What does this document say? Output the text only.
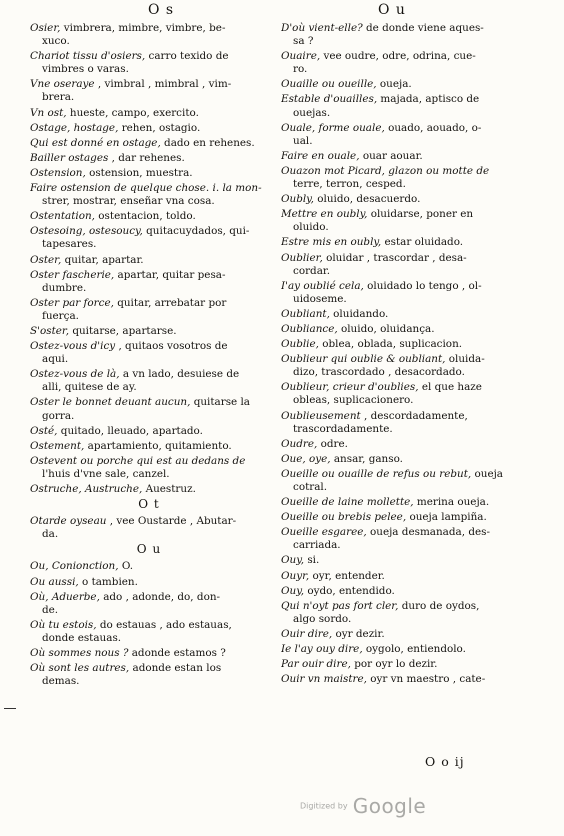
O s	O u
Osier, vimbrera, mimbre, vimbre, be-
xuco.
Chariot tissu d'osiers, carro texido de
vimbres o varas.
Vne oseraye , vimbral , mimbral , vim-
brera.
Vn ost, hueste, campo, exercito.
Ostage, hostage, rehen, ostagio.
Qui est donné en ostage, dado en rehenes.
Bailler ostages , dar rehenes.
Ostension, ostension, muestra.
Faire ostension de quelque chose. i. la mon-
strer, mostrar, enseñar vna cosa.
Ostentation, ostentacion, toldo.
Ostesoing, ostesoucy, quitacuydados, qui-
tapesares.
Oster, quitar, apartar.
Oster fascherie, apartar, quitar pesa-
dumbre.
Oster par force, quitar, arrebatar por
fuerça.
S'oster, quitarse, apartarse.
Ostez-vous d'icy , quitaos vosotros de
aqui.
Ostez-vous de là, a vn lado, desuiese de
alli, quitese de ay.
Oster le bonnet deuant aucun, quitarse la
gorra.
Osté, quitado, lleuado, apartado.
Ostement, apartamiento, quitamiento.
Ostevent ou porche qui est au dedans de
l'huis d'vne sale, canzel.
Ostruche, Austruche, Auestruz.
O t
Otarde oyseau , vee Oustarde , Abutar-
da.
O u
Ou, Conionction, O.
Ou aussi, o tambien.
Où, Aduerbe, ado , adonde, do, don-
de.
Où tu estois, do estauas , ado estauas,
donde estauas.
Où sommes nous ? adonde estamos ?
Où sont les autres, adonde estan los
demas.
D'où vient-elle? de donde viene aques-
sa ?
Ouaire, vee oudre, odre, odrina, cue-
ro.
Ouaille ou oueille, oueja.
Estable d'ouailles, majada, aptisco de
ouejas.
Ouale, forme ouale, ouado, aouado, o-
ual.
Faire en ouale, ouar aouar.
Ouazon mot Picard, glazon ou motte de
terre, terron, cesped.
Oubly, oluido, desacuerdo.
Mettre en oubly, oluidarse, poner en
oluido.
Estre mis en oubly, estar oluidado.
Oublier, oluidar , trascordar , desa-
cordar.
I'ay oublié cela, oluidado lo tengo , ol-
uidoseme.
Oubliant, oluidando.
Oubliance, oluido, oluidança.
Oublie, oblea, oblada, suplicacion.
Oublieur qui oublie & oubliant, oluida-
dizo, trascordado , desacordado.
Oublieur, crieur d'oublies, el que haze
obleas, suplicacionero.
Oublieusement , descordadamente,
trascordadamente.
Oudre, odre.
Oue, oye, ansar, ganso.
Oueille ou ouaille de refus ou rebut, oueja
cotral.
Oueille de laine mollette, merina oueja.
Oueille ou brebis pelee, oueja lampiña.
Oueille esgaree, oueja desmanada, des-
carriada.
Ouy, si.
Ouyr, oyr, entender.
Ouy, oydo, entendido.
Qui n'oyt pas fort cler, duro de oydos,
algo sordo.
Ouir dire, oyr dezir.
Ie l'ay ouy dire, oygolo, entiendolo.
Par ouir dire, por oyr lo dezir.
Ouir vn maistre, oyr vn maestro , cate-
O o ij
Digitized by Google
